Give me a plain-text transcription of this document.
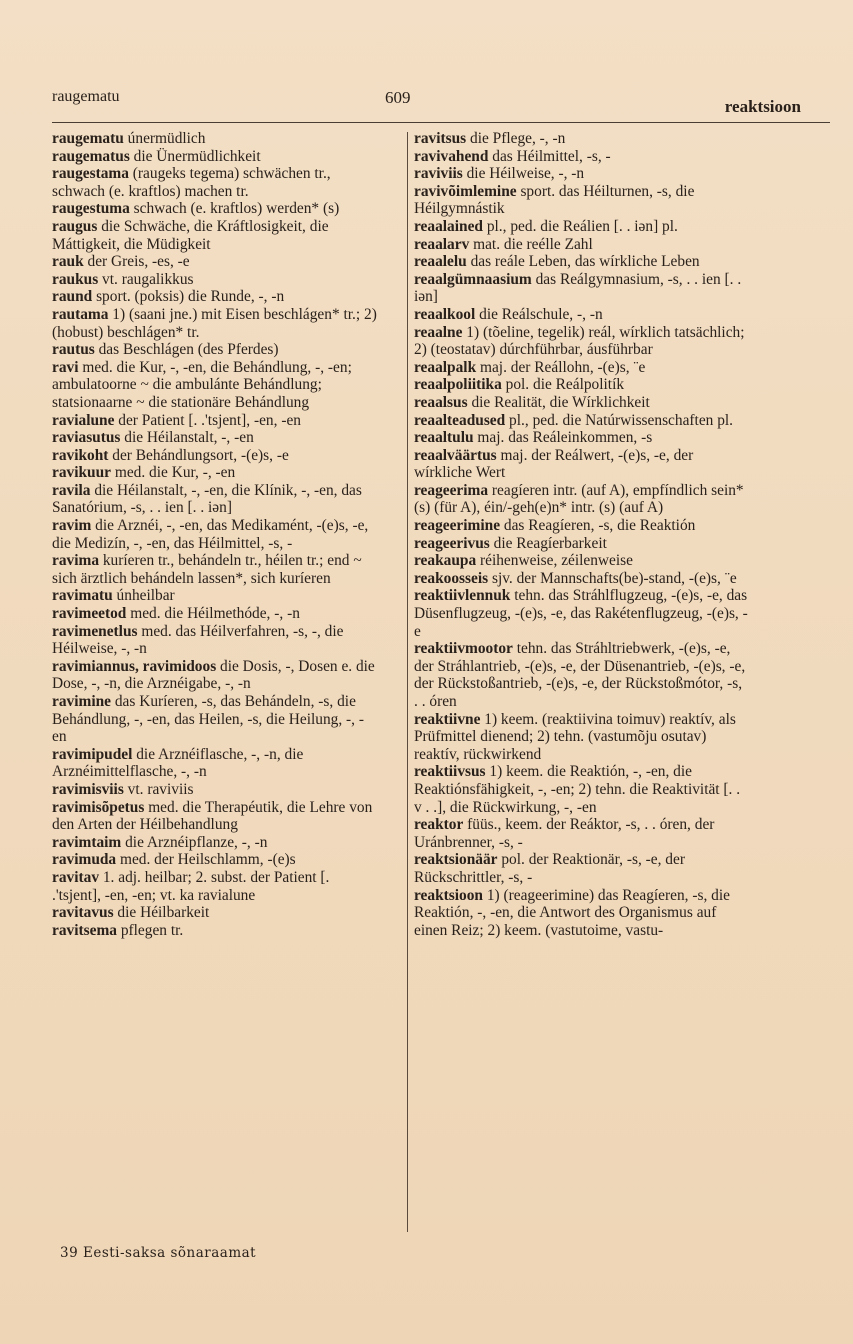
raugematu	609	reaktsioon

raugematu únermüdlich

raugematus die Ünermüdlichkeit

raugestama (raugeks tegema) schwächen tr., schwach (e. kraftlos) machen tr.

raugestuma schwach (e. kraftlos) werden* (s)

raugus die Schwäche, die Kráftlosigkeit, die Máttigkeit, die Müdigkeit

rauk der Greis, -es, -e

raukus vt. raugalikkus

raund sport. (poksis) die Runde, -, -n

rautama 1) (saani jne.) mit Eisen beschlágen* tr.; 2) (hobust) beschlágen* tr.

rautus das Beschlágen (des Pferdes)

ravi med. die Kur, -, -en, die Behándlung, -, -en; ambulatoorne ~ die ambulánte Behándlung; statsionaarne ~ die stationäre Behándlung

ravialune der Patient [. .'tsjent], -en, -en

raviasutus die Héilanstalt, -, -en

ravikoht der Behándlungsort, -(e)s, -e

ravikuur med. die Kur, -, -en

ravila die Héilanstalt, -, -en, die Klínik, -, -en, das Sanatórium, -s, . . ien [. . iən]

ravim die Arznéi, -, -en, das Medikamént, -(e)s, -e, die Medizín, -, -en, das Héilmittel, -s, -

ravima kuríeren tr., behándeln tr., héilen tr.; end ~ sich ärztlich behándeln lassen*, sich kuríeren

ravimatu únheilbar

ravimeetod med. die Héilmethóde, -, -n

ravimenetlus med. das Héilverfahren, -s, -, die Héilweise, -, -n

ravimiannus, ravimidoos die Dosis, -, Dosen e. die Dose, -, -n, die Arznéigabe, -, -n

ravimine das Kuríeren, -s, das Behándeln, -s, die Behándlung, -, -en, das Heilen, -s, die Heilung, -, -en

ravimipudel die Arznéiflasche, -, -n, die Arznéimittelflasche, -, -n

ravimisviis vt. raviviis

ravimisõpetus med. die Therapéutik, die Lehre von den Arten der Héilbehandlung

ravimtaim die Arznéipflanze, -, -n

ravimuda med. der Heilschlamm, -(e)s

ravitav 1. adj. heilbar; 2. subst. der Patient [. .'tsjent], -en, -en; vt. ka ravialune

ravitavus die Héilbarkeit

ravitsema pflegen tr.

ravitsus die Pflege, -, -n

ravivahend das Héilmittel, -s, -

raviviis die Héilweise, -, -n

ravivõimlemine sport. das Héilturnen, -s, die Héilgymnástik

reaalained pl., ped. die Reálien [. . iən] pl.

reaalarv mat. die reélle Zahl

reaalelu das reále Leben, das wírkliche Leben

reaalgümnaasium das Reálgymnasium, -s, . . ien [. . iən]

reaalkool die Reálschule, -, -n

reaalne 1) (tõeline, tegelik) reál, wírklich tatsächlich; 2) (teostatav) dúrchführbar, áusführbar

reaalpalk maj. der Reállohn, -(e)s, ¨e

reaalpoliitika pol. die Reálpolitík

reaalsus die Realität, die Wírklichkeit

reaalteadused pl., ped. die Natúrwissenschaften pl.

reaaltulu maj. das Reáleinkommen, -s

reaalväärtus maj. der Reálwert, -(e)s, -e, der wírkliche Wert

reageerima reagíeren intr. (auf A), empfíndlich sein* (s) (für A), éin/-geh(e)n* intr. (s) (auf A)

reageerimine das Reagíeren, -s, die Reaktión

reageerivus die Reagíerbarkeit

reakaupa réihenweise, zéilenweise

reakoosseis sjv. der Mannschafts(be)-stand, -(e)s, ¨e

reaktiivlennuk tehn. das Stráhlflugzeug, -(e)s, -e, das Düsenflugzeug, -(e)s, -e, das Rakétenflugzeug, -(e)s, -e

reaktiivmootor tehn. das Stráhltriebwerk, -(e)s, -e, der Stráhlantrieb, -(e)s, -e, der Düsenantrieb, -(e)s, -e, der Rückstoßantrieb, -(e)s, -e, der Rückstoßmótor, -s, . . óren

reaktiivne 1) keem. (reaktiivina toimuv) reaktív, als Prüfmittel dienend; 2) tehn. (vastumõju osutav) reaktív, rückwirkend

reaktiivsus 1) keem. die Reaktión, -, -en, die Reaktiónsfähigkeit, -, -en; 2) tehn. die Reaktivität [. . v . .], die Rückwirkung, -, -en

reaktor füüs., keem. der Reáktor, -s, . . óren, der Uránbrenner, -s, -

reaktsionäär pol. der Reaktionär, -s, -e, der Rückschrittler, -s, -

reaktsioon 1) (reageerimine) das Reagíeren, -s, die Reaktión, -, -en, die Antwort des Organismus auf einen Reiz; 2) keem. (vastutoime, vastu-

39 Eesti-saksa sõnaraamat
